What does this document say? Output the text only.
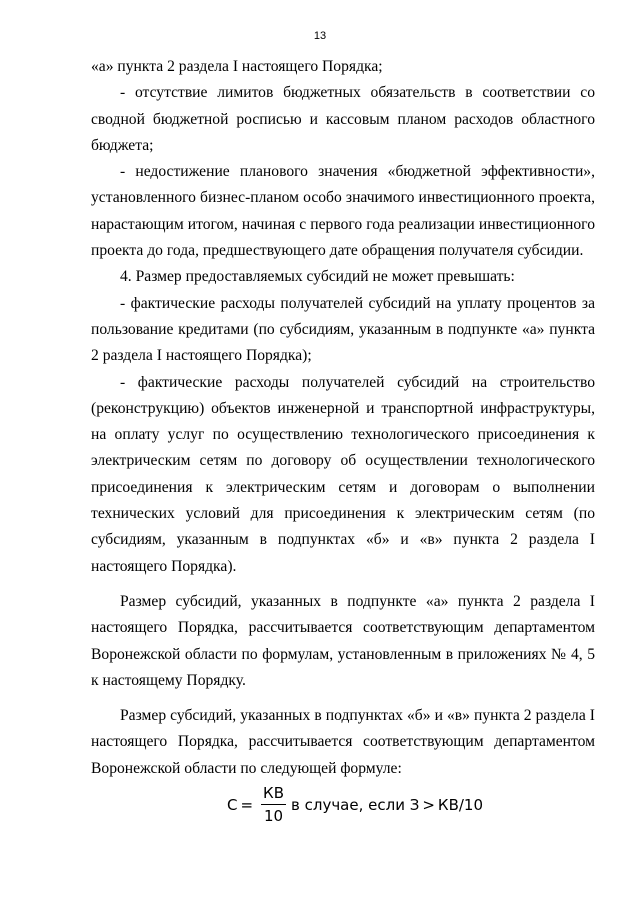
13

«а» пункта 2 раздела I настоящего Порядка;

- отсутствие лимитов бюджетных обязательств в соответствии со сводной бюджетной росписью и кассовым планом расходов областного бюджета;

- недостижение планового значения «бюджетной эффективности», установленного бизнес-планом особо значимого инвестиционного проекта, нарастающим итогом, начиная с первого года реализации инвестиционного проекта до года, предшествующего дате обращения получателя субсидии.

4. Размер предоставляемых субсидий не может превышать:

- фактические расходы получателей субсидий на уплату процентов за пользование кредитами (по субсидиям, указанным в подпункте «а» пункта 2 раздела I настоящего Порядка);

- фактические расходы получателей субсидий на строительство (реконструкцию) объектов инженерной и транспортной инфраструктуры, на оплату услуг по осуществлению технологического присоединения к электрическим сетям по договору об осуществлении технологического присоединения к электрическим сетям и договорам о выполнении технических условий для присоединения к электрическим сетям (по субсидиям, указанным в подпунктах «б» и «в» пункта 2 раздела I настоящего Порядка).

Размер субсидий, указанных в подпункте «а» пункта 2 раздела I настоящего Порядка, рассчитывается соответствующим департаментом Воронежской области по формулам, установленным в приложениях № 4, 5 к настоящему Порядку.

Размер субсидий, указанных в подпунктах «б» и «в» пункта 2 раздела I настоящего Порядка, рассчитывается соответствующим департаментом Воронежской области по следующей формуле:

$С = \frac{КВ}{10}$ в случае, если З > КВ/10
